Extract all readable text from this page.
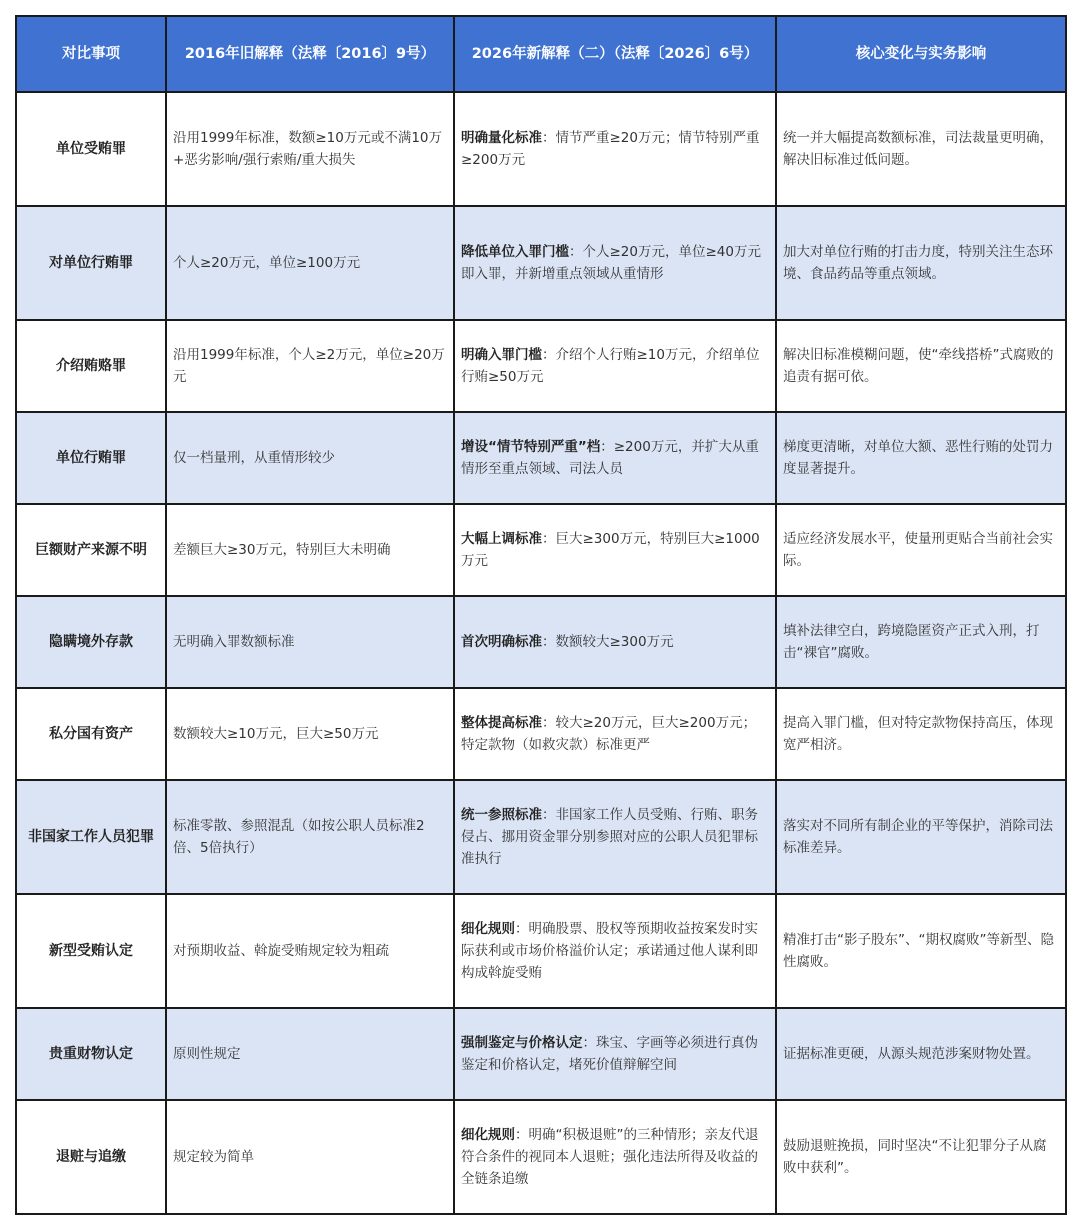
对比事项	2016年旧解释（法释〔2016〕9号）	2026年新解释（二）（法释〔2026〕6号）	核心变化与实务影响
单位受贿罪	沿用1999年标准，数额≥10万元或不满10万+恶劣影响/强行索贿/重大损失	明确量化标准：情节严重≥20万元；情节特别严重≥200万元	统一并大幅提高数额标准，司法裁量更明确，解决旧标准过低问题。
对单位行贿罪	个人≥20万元，单位≥100万元	降低单位入罪门槛：个人≥20万元，单位≥40万元即入罪，并新增重点领域从重情形	加大对单位行贿的打击力度，特别关注生态环境、食品药品等重点领域。
介绍贿赂罪	沿用1999年标准，个人≥2万元，单位≥20万元	明确入罪门槛：介绍个人行贿≥10万元，介绍单位行贿≥50万元	解决旧标准模糊问题，使“牵线搭桥”式腐败的追责有据可依。
单位行贿罪	仅一档量刑，从重情形较少	增设“情节特别严重”档：≥200万元，并扩大从重情形至重点领域、司法人员	梯度更清晰，对单位大额、恶性行贿的处罚力度显著提升。
巨额财产来源不明	差额巨大≥30万元，特别巨大未明确	大幅上调标准：巨大≥300万元，特别巨大≥1000万元	适应经济发展水平，使量刑更贴合当前社会实际。
隐瞒境外存款	无明确入罪数额标准	首次明确标准：数额较大≥300万元	填补法律空白，跨境隐匿资产正式入刑，打击“裸官”腐败。
私分国有资产	数额较大≥10万元，巨大≥50万元	整体提高标准：较大≥20万元，巨大≥200万元；特定款物（如救灾款）标准更严	提高入罪门槛，但对特定款物保持高压，体现宽严相济。
非国家工作人员犯罪	标准零散、参照混乱（如按公职人员标准2倍、5倍执行）	统一参照标准：非国家工作人员受贿、行贿、职务侵占、挪用资金罪分别参照对应的公职人员犯罪标准执行	落实对不同所有制企业的平等保护，消除司法标准差异。
新型受贿认定	对预期收益、斡旋受贿规定较为粗疏	细化规则：明确股票、股权等预期收益按案发时实际获利或市场价格溢价认定；承诺通过他人谋利即构成斡旋受贿	精准打击“影子股东”、“期权腐败”等新型、隐性腐败。
贵重财物认定	原则性规定	强制鉴定与价格认定：珠宝、字画等必须进行真伪鉴定和价格认定，堵死价值辩解空间	证据标准更硬，从源头规范涉案财物处置。
退赃与追缴	规定较为简单	细化规则：明确“积极退赃”的三种情形；亲友代退符合条件的视同本人退赃；强化违法所得及收益的全链条追缴	鼓励退赃挽损，同时坚决“不让犯罪分子从腐败中获利”。
